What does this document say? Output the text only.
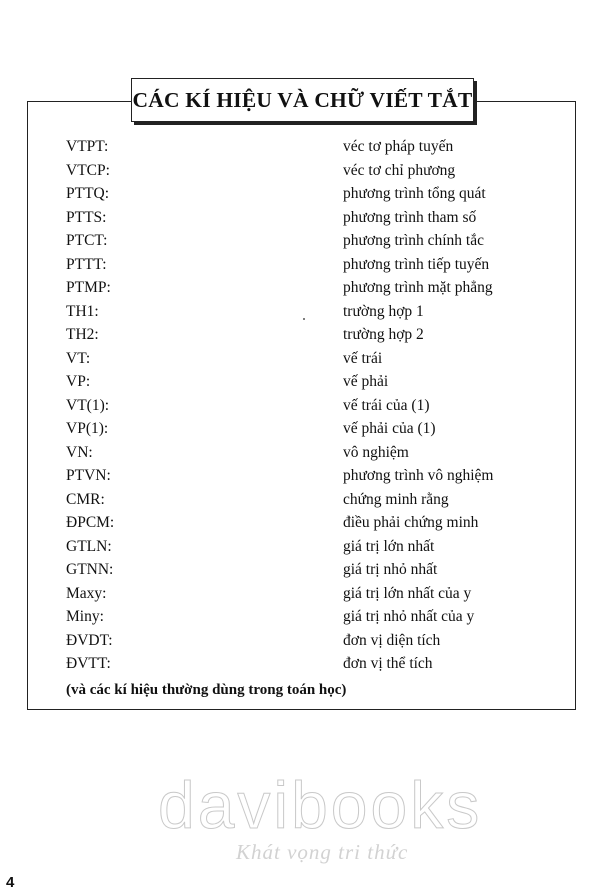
CÁC KÍ HIỆU VÀ CHỮ VIẾT TẮT
VTPT:	véc tơ pháp tuyến
VTCP:	véc tơ chỉ phương
PTTQ:	phương trình tổng quát
PTTS:	phương trình tham số
PTCT:	phương trình chính tắc
PTTT:	phương trình tiếp tuyến
PTMP:	phương trình mặt phẳng
TH1:	trường hợp 1
TH2:	trường hợp 2
VT:	vế trái
VP:	vế phải
VT(1):	vế trái của (1)
VP(1):	vế phải của (1)
VN:	vô nghiệm
PTVN:	phương trình vô nghiệm
CMR:	chứng minh rằng
ĐPCM:	điều phải chứng minh
GTLN:	giá trị lớn nhất
GTNN:	giá trị nhỏ nhất
Maxy:	giá trị lớn nhất của y
Miny:	giá trị nhỏ nhất của y
ĐVDT:	đơn vị diện tích
ĐVTT:	đơn vị thể tích
(và các kí hiệu thường dùng trong toán học)
davibooks
Khát vọng tri thức
4
